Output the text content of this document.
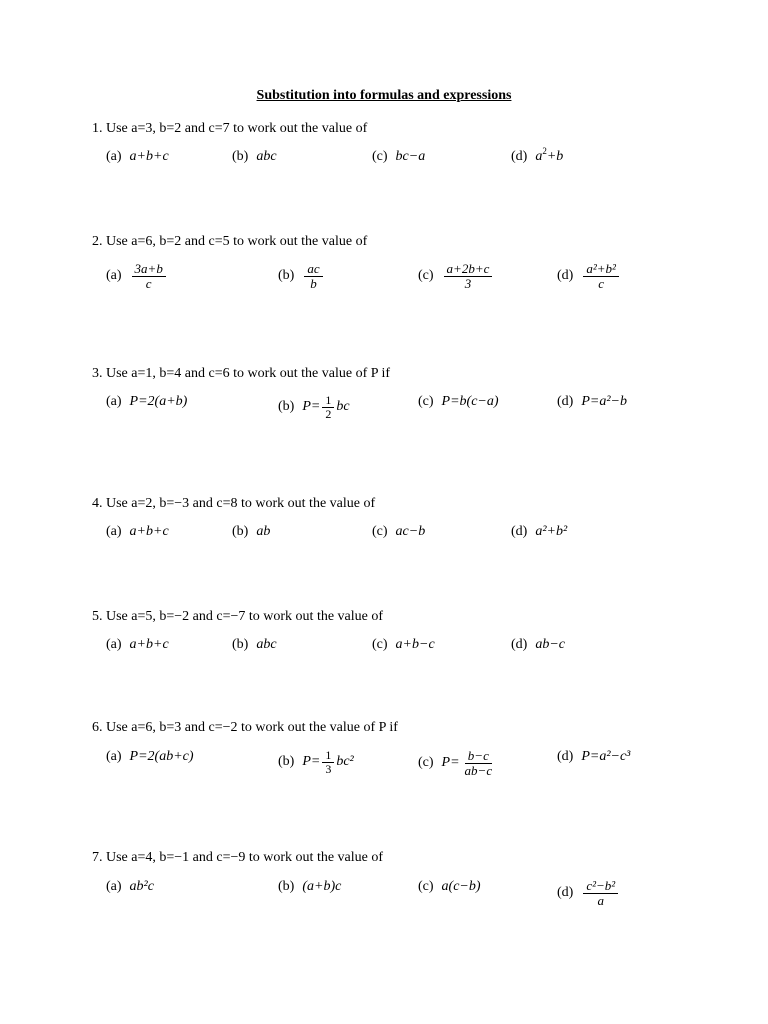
Substitution into formulas and expressions
1. Use a=3, b=2 and c=7 to work out the value of
(a) a+b+c	(b) abc	(c) bc−a	(d) $a^2+b$
2. Use a=6, b=2 and c=5 to work out the value of
$(a) \frac{3a+b}{c}$	$(b) \frac{ac}{b}$	$(c) \frac{a+2b+c}{3}$	$(d) \frac{\text{a²+b²}}{c}$
3. Use a=1, b=4 and c=6 to work out the value of P if
(a) P=2(a+b)	(b) $P= \frac{1}{2}$ bc	(c) P=b(c−a)	(d) P=a²−b
4. Use a=2, b=−3 and c=8 to work out the value of
(a) a+b+c	(b) ab	(c) ac−b	(d) a²+b²
5. Use a=5, b=−2 and c=−7 to work out the value of
(a) a+b+c	(b) abc	(c) a+b−c	(d) ab−c
6. Use a=6, b=3 and c=−2 to work out the value of P if
(a) P=2(ab+c)	(b) $P= \frac{1}{3} bc^2$	(c) $P= \frac{b-c}{ab-c}$	(d) P=a²−c³
7. Use a=4, b=−1 and c=−9 to work out the value of
(a) ab²c	(b) (a+b)c	(c) a(c−b)	$(d) \frac{\text{c²−b²}}{a}$
